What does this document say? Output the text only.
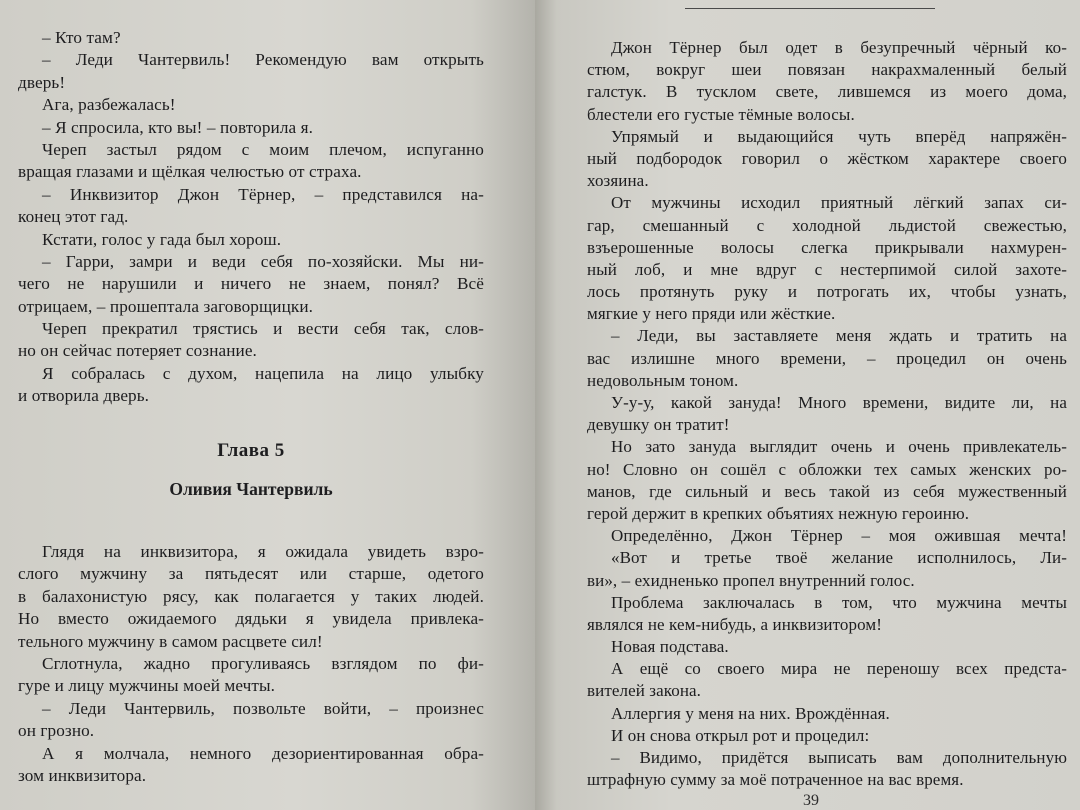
– Кто там?
– Леди Чантервиль! Рекомендую вам открыть
дверь!
Ага, разбежалась!
– Я спросила, кто вы! – повторила я.
Череп застыл рядом с моим плечом, испуганно
вращая глазами и щёлкая челюстью от страха.
– Инквизитор Джон Тёрнер, – представился на-
конец этот гад.
Кстати, голос у гада был хорош.
– Гарри, замри и веди себя по-хозяйски. Мы ни-
чего не нарушили и ничего не знаем, понял? Всё
отрицаем, – прошептала заговорщицки.
Череп прекратил трястись и вести себя так, слов-
но он сейчас потеряет сознание.
Я собралась с духом, нацепила на лицо улыбку
и отворила дверь.
Глава 5
Оливия Чантервиль
Глядя на инквизитора, я ожидала увидеть взро-
слого мужчину за пятьдесят или старше, одетого
в балахонистую рясу, как полагается у таких людей.
Но вместо ожидаемого дядьки я увидела привлека-
тельного мужчину в самом расцвете сил!
Сглотнула, жадно прогуливаясь взглядом по фи-
гуре и лицу мужчины моей мечты.
– Леди Чантервиль, позвольте войти, – произнес
он грозно.
А я молчала, немного дезориентированная обра-
зом инквизитора.
Джон Тёрнер был одет в безупречный чёрный ко-
стюм, вокруг шеи повязан накрахмаленный белый
галстук. В тусклом свете, лившемся из моего дома,
блестели его густые тёмные волосы.
Упрямый и выдающийся чуть вперёд напряжён-
ный подбородок говорил о жёстком характере своего
хозяина.
От мужчины исходил приятный лёгкий запах си-
гар, смешанный с холодной льдистой свежестью,
взъерошенные волосы слегка прикрывали нахмурен-
ный лоб, и мне вдруг с нестерпимой силой захоте-
лось протянуть руку и потрогать их, чтобы узнать,
мягкие у него пряди или жёсткие.
– Леди, вы заставляете меня ждать и тратить на
вас излишне много времени, – процедил он очень
недовольным тоном.
У-у-у, какой зануда! Много времени, видите ли, на
девушку он тратит!
Но зато зануда выглядит очень и очень привлекатель-
но! Словно он сошёл с обложки тех самых женских ро-
манов, где сильный и весь такой из себя мужественный
герой держит в крепких объятиях нежную героиню.
Определённо, Джон Тёрнер – моя ожившая мечта!
«Вот и третье твоё желание исполнилось, Ли-
ви», – ехидненько пропел внутренний голос.
Проблема заключалась в том, что мужчина мечты
являлся не кем-нибудь, а инквизитором!
Новая подстава.
А ещё со своего мира не переношу всех предста-
вителей закона.
Аллергия у меня на них. Врождённая.
И он снова открыл рот и процедил:
– Видимо, придётся выписать вам дополнительную
штрафную сумму за моё потраченное на вас время.
39
